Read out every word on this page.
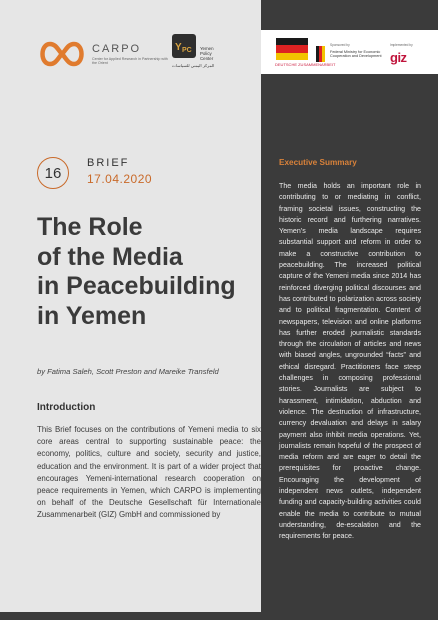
CARPO
Center for Applied Research in Partnership with the Orient
Y PC Yemen Policy Center
المركز اليمني للسياسات	DEUTSCHE ZUSAMMENARBEIT
Sponsored by
Federal Ministry for Economic Cooperation and Development
Implemented by
giz
16
BRIEF
17.04.2020
The Role
of the Media
in Peacebuilding
in Yemen
by Fatima Saleh, Scott Preston and Mareike Transfeld
Introduction
This Brief focuses on the contributions of Yemeni media to six core areas central to supporting sustainable peace: the economy, politics, culture and society, security and justice, education and the environment. It is part of a wider project that encourages Yemeni-international research cooperation on peace requirements in Yemen, which CARPO is implementing on behalf of the Deutsche Gesellschaft für Internationale Zusammenarbeit (GIZ) GmbH and commissioned by
Executive Summary
The media holds an important role in contributing to or mediating in conflict, framing societal issues, constructing the historic record and furthering narratives. Yemen’s media landscape requires substantial support and reform in order to make a constructive contribution to peacebuilding. The increased political capture of the Yemeni media since 2014 has reinforced diverging political discourses and has contributed to polarization across society and to political fragmentation. Content of newspapers, television and online platforms has further eroded journalistic standards through the circulation of articles and news with biased angles, ungrounded “facts” and ethical disregard. Practitioners face steep challenges in composing professional stories. Journalists are subject to harassment, intimidation, abduction and violence. The destruction of infrastructure, currency devaluation and delays in salary payment also inhibit media operations. Yet, journalists remain hopeful of the prospect of media reform and are eager to detail the prerequisites for proactive change. Encouraging the development of independent news outlets, independent funding and capacity-building activities could enable the media to contribute to mutual understanding, de-escalation and the requirements for peace.
